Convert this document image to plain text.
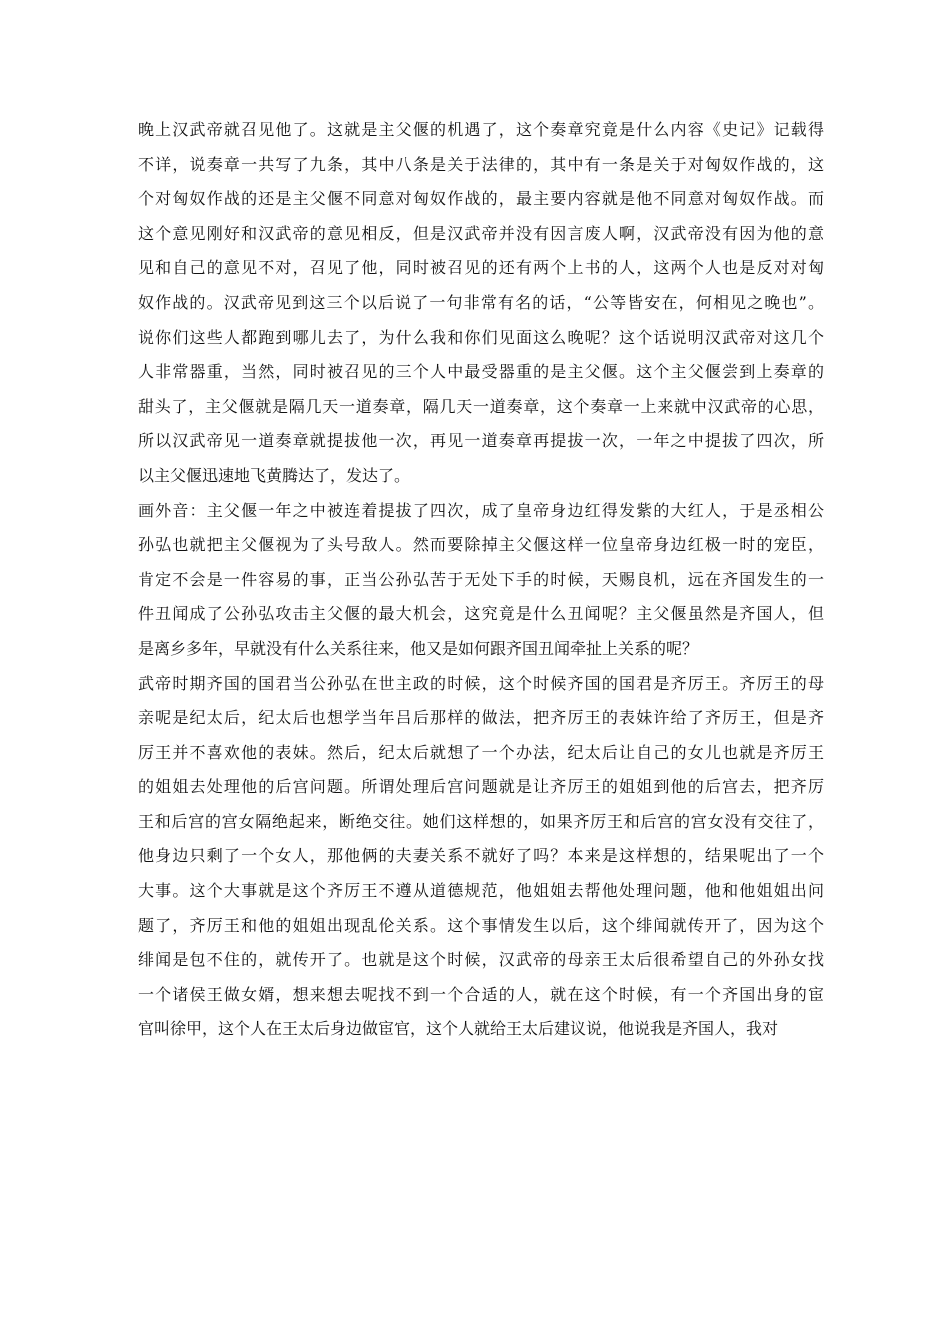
晚上汉武帝就召见他了。这就是主父偃的机遇了，这个奏章究竟是什么内容《史记》记载得
不详，说奏章一共写了九条，其中八条是关于法律的，其中有一条是关于对匈奴作战的，这
个对匈奴作战的还是主父偃不同意对匈奴作战的，最主要内容就是他不同意对匈奴作战。而
这个意见刚好和汉武帝的意见相反，但是汉武帝并没有因言废人啊，汉武帝没有因为他的意
见和自己的意见不对，召见了他，同时被召见的还有两个上书的人，这两个人也是反对对匈
奴作战的。汉武帝见到这三个以后说了一句非常有名的话，“公等皆安在，何相见之晚也”。
说你们这些人都跑到哪儿去了，为什么我和你们见面这么晚呢？这个话说明汉武帝对这几个
人非常器重，当然，同时被召见的三个人中最受器重的是主父偃。这个主父偃尝到上奏章的
甜头了，主父偃就是隔几天一道奏章，隔几天一道奏章，这个奏章一上来就中汉武帝的心思，
所以汉武帝见一道奏章就提拔他一次，再见一道奏章再提拔一次，一年之中提拔了四次，所
以主父偃迅速地飞黄腾达了，发达了。
画外音：主父偃一年之中被连着提拔了四次，成了皇帝身边红得发紫的大红人，于是丞相公
孙弘也就把主父偃视为了头号敌人。然而要除掉主父偃这样一位皇帝身边红极一时的宠臣，
肯定不会是一件容易的事，正当公孙弘苦于无处下手的时候，天赐良机，远在齐国发生的一
件丑闻成了公孙弘攻击主父偃的最大机会，这究竟是什么丑闻呢？主父偃虽然是齐国人，但
是离乡多年，早就没有什么关系往来，他又是如何跟齐国丑闻牵扯上关系的呢？
武帝时期齐国的国君当公孙弘在世主政的时候，这个时候齐国的国君是齐厉王。齐厉王的母
亲呢是纪太后，纪太后也想学当年吕后那样的做法，把齐厉王的表妹许给了齐厉王，但是齐
厉王并不喜欢他的表妹。然后，纪太后就想了一个办法，纪太后让自己的女儿也就是齐厉王
的姐姐去处理他的后宫问题。所谓处理后宫问题就是让齐厉王的姐姐到他的后宫去，把齐厉
王和后宫的宫女隔绝起来，断绝交往。她们这样想的，如果齐厉王和后宫的宫女没有交往了，
他身边只剩了一个女人，那他俩的夫妻关系不就好了吗？本来是这样想的，结果呢出了一个
大事。这个大事就是这个齐厉王不遵从道德规范，他姐姐去帮他处理问题，他和他姐姐出问
题了，齐厉王和他的姐姐出现乱伦关系。这个事情发生以后，这个绯闻就传开了，因为这个
绯闻是包不住的，就传开了。也就是这个时候，汉武帝的母亲王太后很希望自己的外孙女找
一个诸侯王做女婿，想来想去呢找不到一个合适的人，就在这个时候，有一个齐国出身的宦
官叫徐甲，这个人在王太后身边做宦官，这个人就给王太后建议说，他说我是齐国人，我对
